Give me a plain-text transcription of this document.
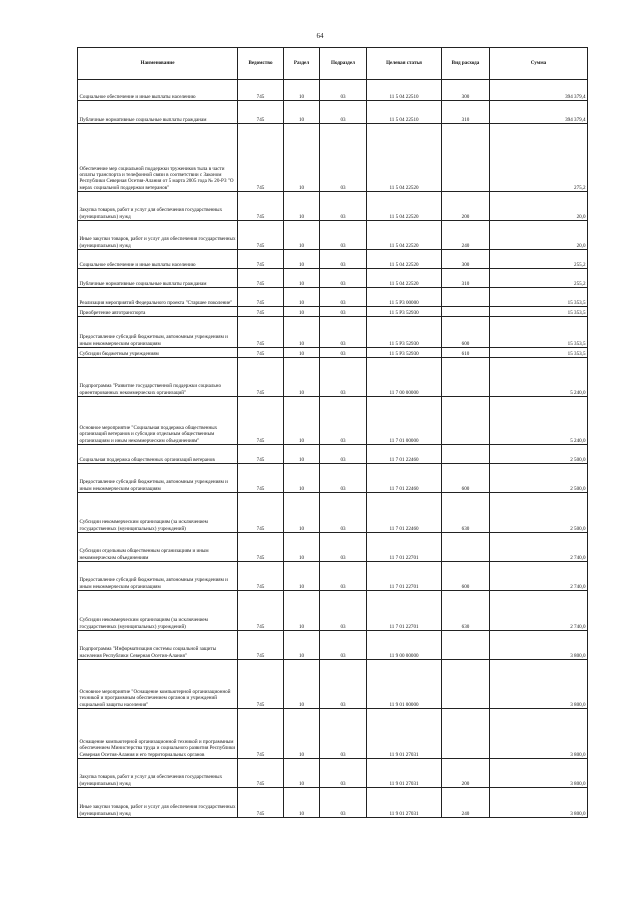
64
Наименование	Ведомство	Раздел	Подраздел	Целевая статья	Вид расхода	Сумма
Социальное обеспечение и иные выплаты населению	745	10	03	11 5 04 22510	300	394 379,4
Публичные нормативные социальные выплаты гражданам	745	10	03	11 5 04 22510	310	394 379,4
Обеспечение мер социальной поддержки тружеников тыла в части оплаты транспорта и телефонной связи в соответствии с Законом Республики Северная Осетия-Алания от 5 марта 2005 года № 20-РЗ "О мерах социальной поддержки ветеранов"	745	10	03	11 5 04 22520		275,2
Закупка товаров, работ и услуг для обеспечения государственных (муниципальных) нужд	745	10	03	11 5 04 22520	200	20,0
Иные закупки товаров, работ и услуг для обеспечения государственных (муниципальных) нужд	745	10	03	11 5 04 22520	240	20,0
Социальное обеспечение и иные выплаты населению	745	10	03	11 5 04 22520	300	255,2
Публичные нормативные социальные выплаты гражданам	745	10	03	11 5 04 22520	310	255,2
Реализация мероприятий Федерального проекта "Старшее поколение"	745	10	03	11 5 P3 00000		15 353,5
Приобретение автотранспорта	745	10	03	11 5 P3 52930		15 353,5
Предоставление субсидий бюджетным, автономным учреждениям и иным некоммерческим организациям	745	10	03	11 5 P3 52930	600	15 353,5
Субсидии бюджетным учреждениям	745	10	03	11 5 P3 52930	610	15 353,5
Подпрограмма "Развитие государственной поддержки социально ориентированных некоммерческих организаций"	745	10	03	11 7 00 00000		5 240,0
Основное мероприятие "Социальная поддержка общественных организаций ветеранов и субсидии отдельным общественным организациям и иным некоммерческим объединениям"	745	10	03	11 7 01 00000		5 240,0
Социальная поддержка общественных организаций ветеранов	745	10	03	11 7 01 22460		2 500,0
Предоставление субсидий бюджетным, автономным учреждениям и иным некоммерческим организациям	745	10	03	11 7 01 22460	600	2 500,0
Субсидии некоммерческим организациям (за исключением государственных (муниципальных) учреждений)	745	10	03	11 7 01 22460	630	2 500,0
Субсидии отдельным общественным организациям и иным некоммерческим объединениям	745	10	03	11 7 01 22701		2 740,0
Предоставление субсидий бюджетным, автономным учреждениям и иным некоммерческим организациям	745	10	03	11 7 01 22701	600	2 740,0
Субсидии некоммерческим организациям (за исключением государственных (муниципальных) учреждений)	745	10	03	11 7 01 22701	630	2 740,0
Подпрограмма "Информатизация системы социальной защиты населения Республики Северная Осетия-Алания"	745	10	03	11 9 00 00000		3 800,0
Основное мероприятие "Оснащение компьютерной организационной техникой и программным обеспечением органов и учреждений социальной защиты населения"	745	10	03	11 9 01 00000		3 800,0
Оснащение компьютерной организационной техникой и программным обеспечением Министерства труда и социального развития Республики Северная Осетия-Алания и его территориальных органов	745	10	03	11 9 01 27031		3 800,0
Закупка товаров, работ и услуг для обеспечения государственных (муниципальных) нужд	745	10	03	11 9 01 27031	200	3 800,0
Иные закупки товаров, работ и услуг для обеспечения государственных (муниципальных) нужд	745	10	03	11 9 01 27031	240	3 800,0
